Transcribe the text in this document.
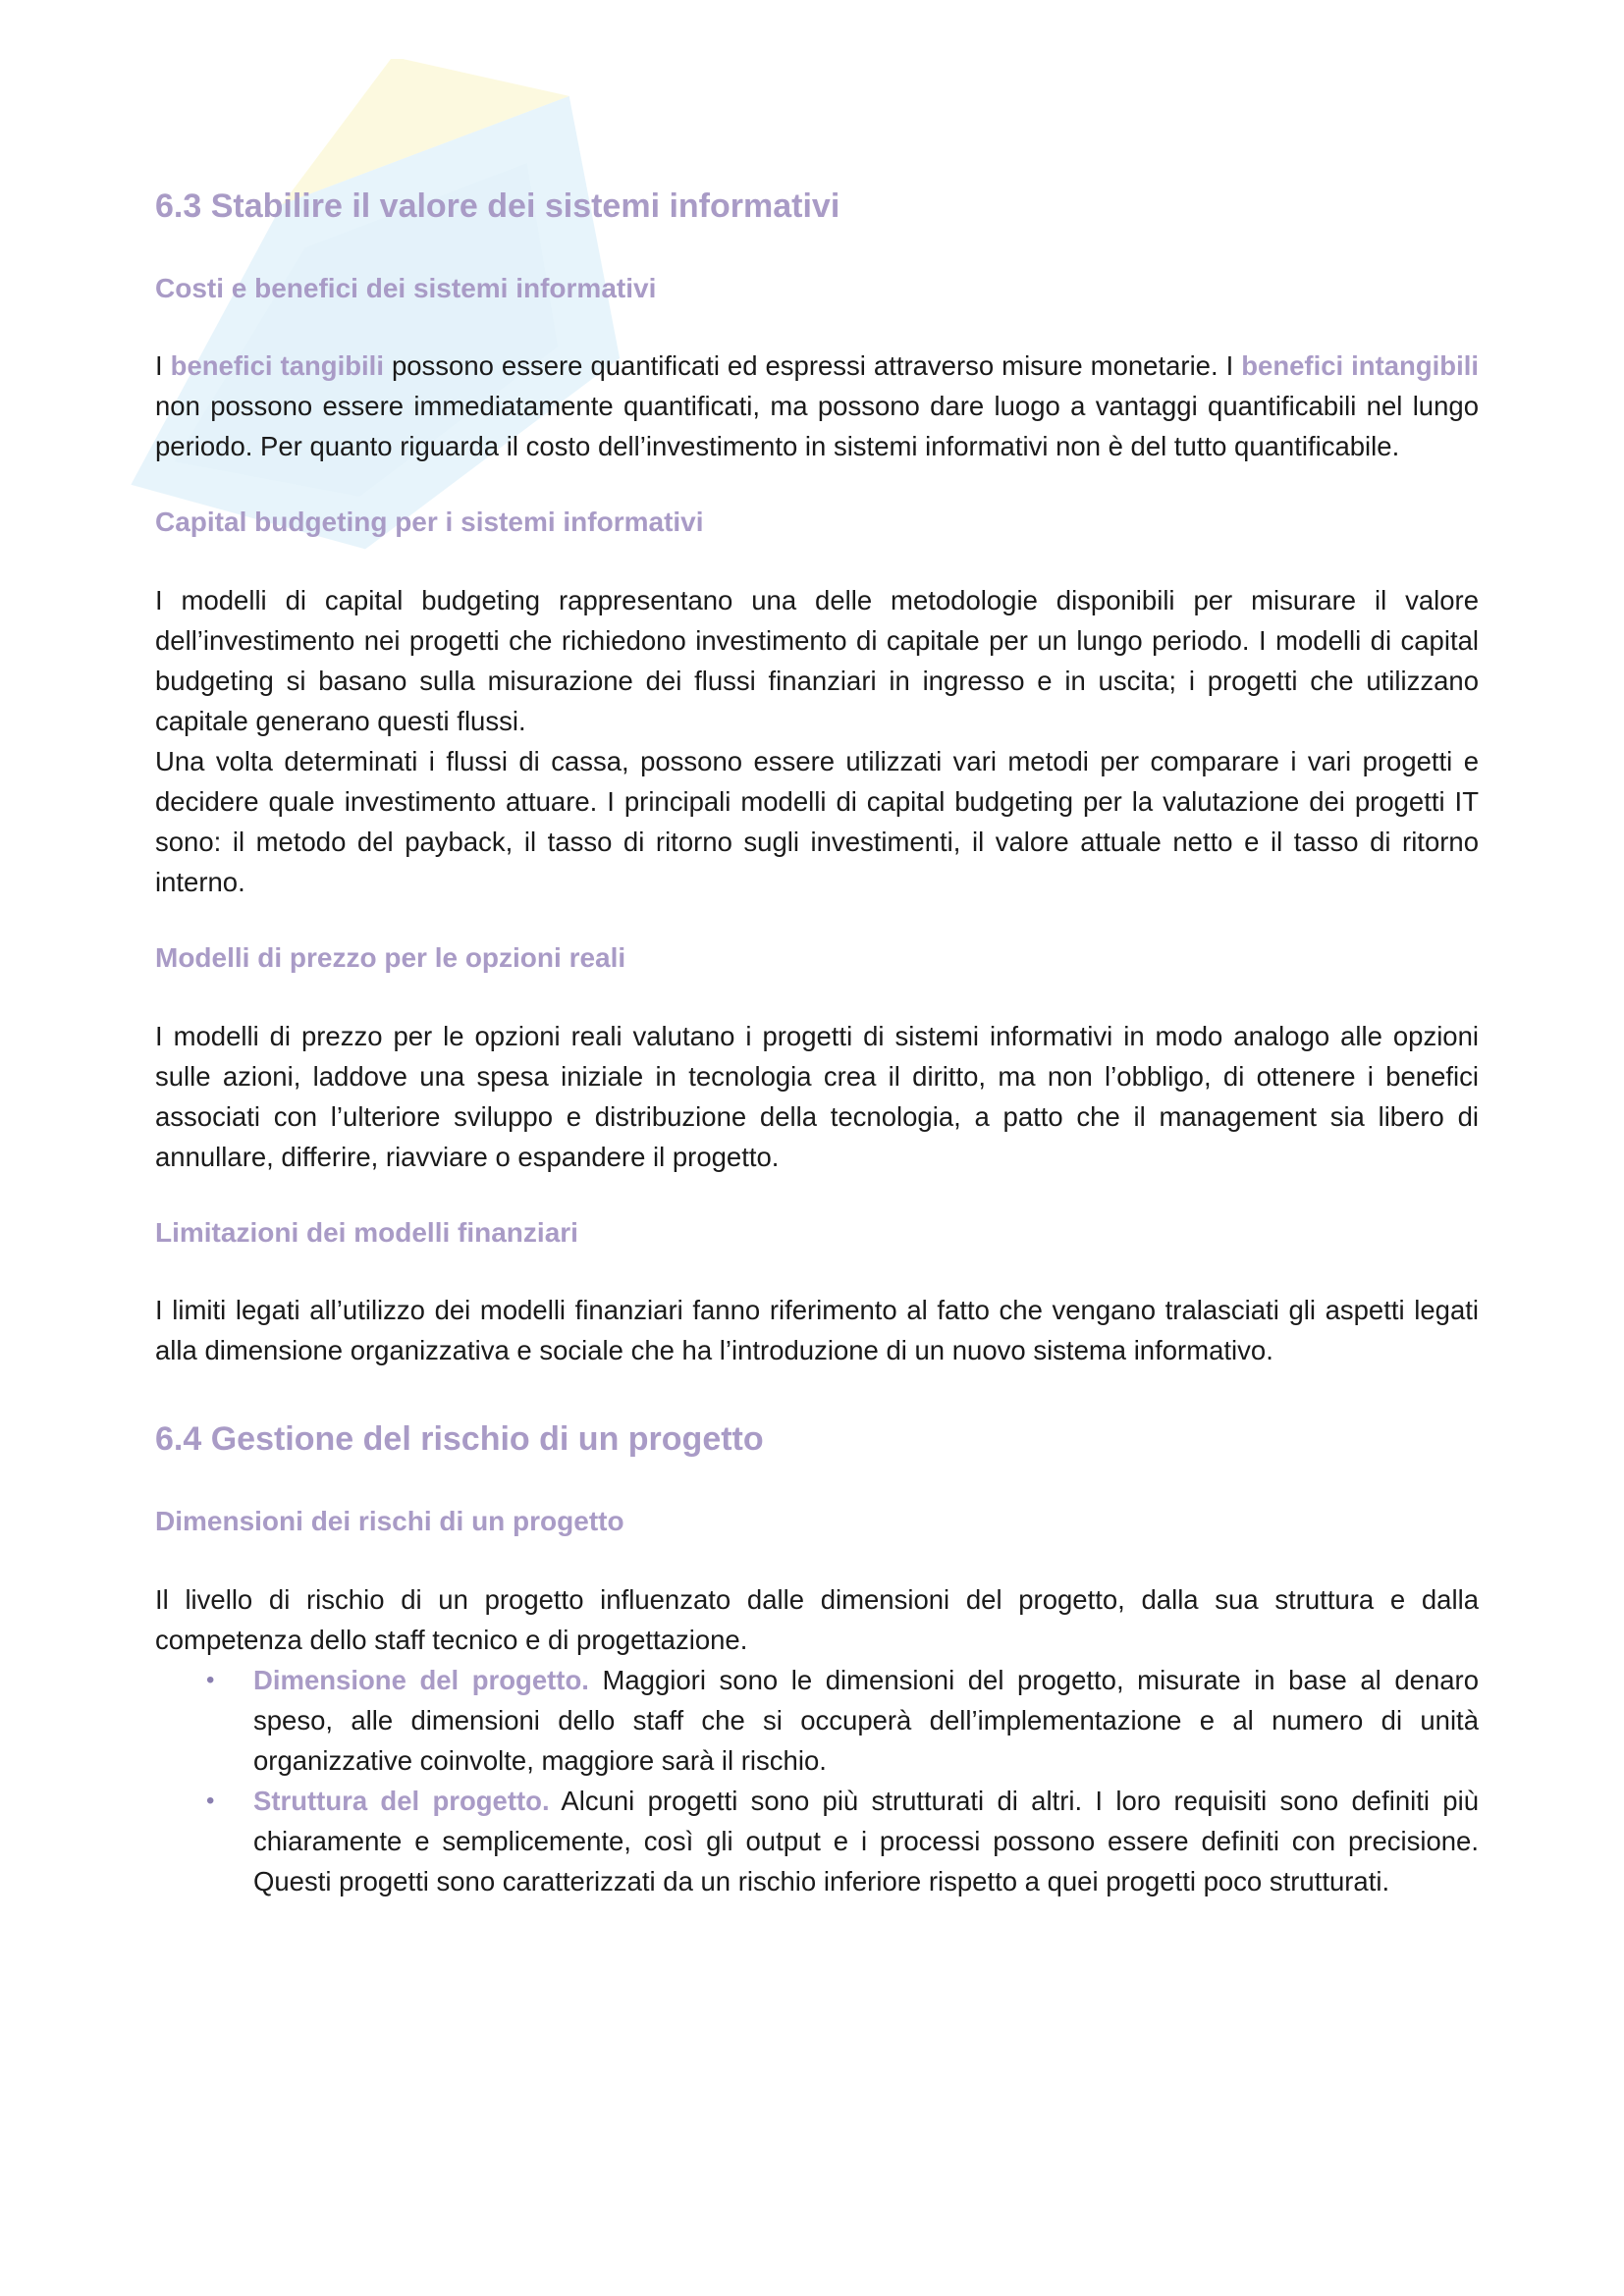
6.3 Stabilire il valore dei sistemi informativi
Costi e benefici dei sistemi informativi

I benefici tangibili possono essere quantificati ed espressi attraverso misure monetarie. I benefici intangibili non possono essere immediatamente quantificati, ma possono dare luogo a vantaggi quantificabili nel lungo periodo. Per quanto riguarda il costo dell’investimento in sistemi informativi non è del tutto quantificabile.

Capital budgeting per i sistemi informativi

I modelli di capital budgeting rappresentano una delle metodologie disponibili per misurare il valore dell’investimento nei progetti che richiedono investimento di capitale per un lungo periodo. I modelli di capital budgeting si basano sulla misurazione dei flussi finanziari in ingresso e in uscita; i progetti che utilizzano capitale generano questi flussi.

Una volta determinati i flussi di cassa, possono essere utilizzati vari metodi per comparare i vari progetti e decidere quale investimento attuare. I principali modelli di capital budgeting per la valutazione dei progetti IT sono: il metodo del payback, il tasso di ritorno sugli investimenti, il valore attuale netto e il tasso di ritorno interno.

Modelli di prezzo per le opzioni reali

I modelli di prezzo per le opzioni reali valutano i progetti di sistemi informativi in modo analogo alle opzioni sulle azioni, laddove una spesa iniziale in tecnologia crea il diritto, ma non l’obbligo, di ottenere i benefici associati con l’ulteriore sviluppo e distribuzione della tecnologia, a patto che il management sia libero di annullare, differire, riavviare o espandere il progetto.

Limitazioni dei modelli finanziari

I limiti legati all’utilizzo dei modelli finanziari fanno riferimento al fatto che vengano tralasciati gli aspetti legati alla dimensione organizzativa e sociale che ha l’introduzione di un nuovo sistema informativo.

6.4 Gestione del rischio di un progetto
Dimensioni dei rischi di un progetto

Il livello di rischio di un progetto influenzato dalle dimensioni del progetto, dalla sua struttura e dalla competenza dello staff tecnico e di progettazione.

• Dimensione del progetto. Maggiori sono le dimensioni del progetto, misurate in base al denaro speso, alle dimensioni dello staff che si occuperà dell’implementazione e al numero di unità organizzative coinvolte, maggiore sarà il rischio.
• Struttura del progetto. Alcuni progetti sono più strutturati di altri. I loro requisiti sono definiti più chiaramente e semplicemente, così gli output e i processi possono essere definiti con precisione. Questi progetti sono caratterizzati da un rischio inferiore rispetto a quei progetti poco strutturati.
